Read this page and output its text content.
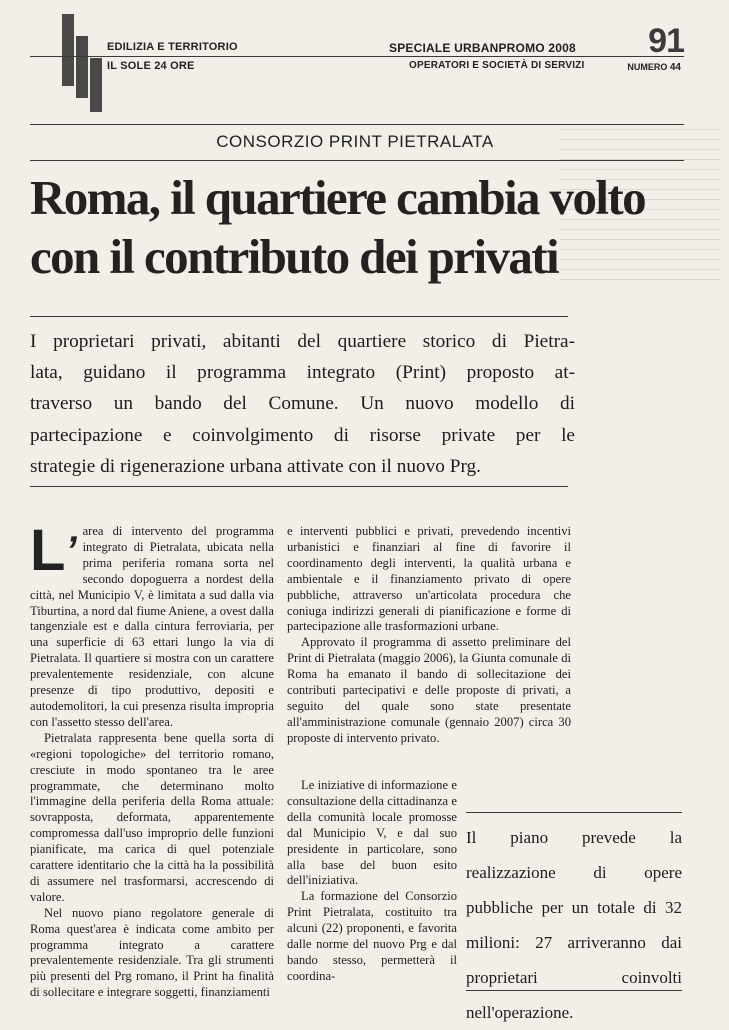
EDILIZIA E TERRITORIO
IL SOLE 24 ORE
SPECIALE URBANPROMO 2008
OPERATORI E SOCIETÀ DI SERVIZI
91
NUMERO 44
CONSORZIO PRINT PIETRALATA
Roma, il quartiere cambia volto
con il contributo dei privati
I proprietari privati, abitanti del quartiere storico di Pietra-
lata, guidano il programma integrato (Print) proposto at-
traverso un bando del Comune. Un nuovo modello di
partecipazione e coinvolgimento di risorse private per le
strategie di rigenerazione urbana attivate con il nuovo Prg.

L’ area di intervento del programma integrato di Pietralata, ubicata nella prima periferia romana sorta nel secondo dopoguerra a nordest della città, nel Municipio V, è limitata a sud dalla via Tiburtina, a nord dal fiume Aniene, a ovest dalla tangenziale est e dalla cintura ferroviaria, per una superficie di 63 ettari lungo la via di Pietralata. Il quartiere si mostra con un carattere prevalentemente residenziale, con alcune presenze di tipo produttivo, depositi e autodemolitori, la cui presenza risulta impropria con l'assetto stesso dell'area.

Pietralata rappresenta bene quella sorta di «regioni topologiche» del territorio romano, cresciute in modo spontaneo tra le aree programmate, che determinano molto l'immagine della periferia della Roma attuale: sovrapposta, deformata, apparentemente compromessa dall'uso improprio delle funzioni pianificate, ma carica di quel potenziale carattere identitario che la città ha la possibilità di assumere nel trasformarsi, accrescendo di valore.

Nel nuovo piano regolatore generale di Roma quest'area è indicata come ambito per programma integrato a carattere prevalentemente residenziale. Tra gli strumenti più presenti del Prg romano, il Print ha finalità di sollecitare e integrare soggetti, finanziamenti

e interventi pubblici e privati, prevedendo incentivi urbanistici e finanziari al fine di favorire il coordinamento degli interventi, la qualità urbana e ambientale e il finanziamento privato di opere pubbliche, attraverso un'articolata procedura che coniuga indirizzi generali di pianificazione e forme di partecipazione alle trasformazioni urbane.

Approvato il programma di assetto preliminare del Print di Pietralata (maggio 2006), la Giunta comunale di Roma ha emanato il bando di sollecitazione dei contributi partecipativi e delle proposte di privati, a seguito del quale sono state presentate all'amministrazione comunale (gennaio 2007) circa 30 proposte di intervento privato.

Le iniziative di informazione e consultazione della cittadinanza e della comunità locale promosse dal Municipio V, e dal suo presidente in particolare, sono alla base del buon esito dell'iniziativa.

La formazione del Consorzio Print Pietralata, costituito tra alcuni (22) proponenti, e favorita dalle norme del nuovo Prg e dal bando stesso, permetterà il coordina-

Il piano prevede la realizzazione di opere pubbliche per un totale di 32 milioni: 27 arriveranno dai proprietari coinvolti nell'operazione.
